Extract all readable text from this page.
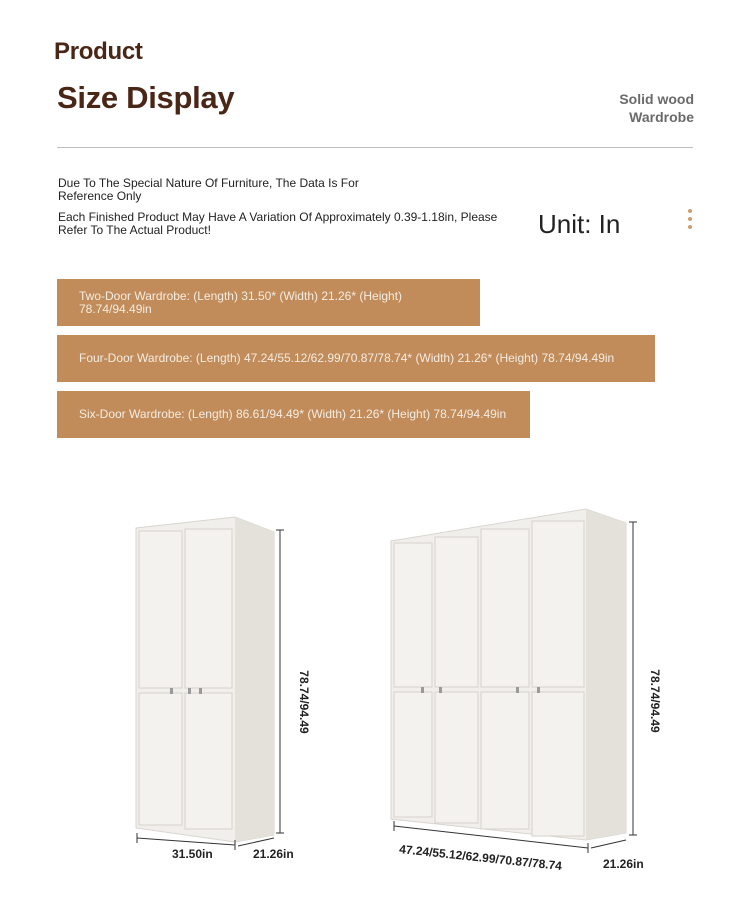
Product
Size Display	Solid wood
Wardrobe
Due To The Special Nature Of Furniture, The Data Is For Reference Only
Each Finished Product May Have A Variation Of Approximately 0.39-1.18in, Please Refer To The Actual Product!	Unit: In
Two-Door Wardrobe: (Length) 31.50* (Width) 21.26* (Height) 78.74/94.49in
Four-Door Wardrobe: (Length) 47.24/55.12/62.99/70.87/78.74* (Width) 21.26* (Height) 78.74/94.49in
Six-Door Wardrobe: (Length) 86.61/94.49* (Width) 21.26* (Height) 78.74/94.49in
78.74/94.49
31.50in	21.26in
78.74/94.49
47.24/55.12/62.99/70.87/78.74	21.26in
